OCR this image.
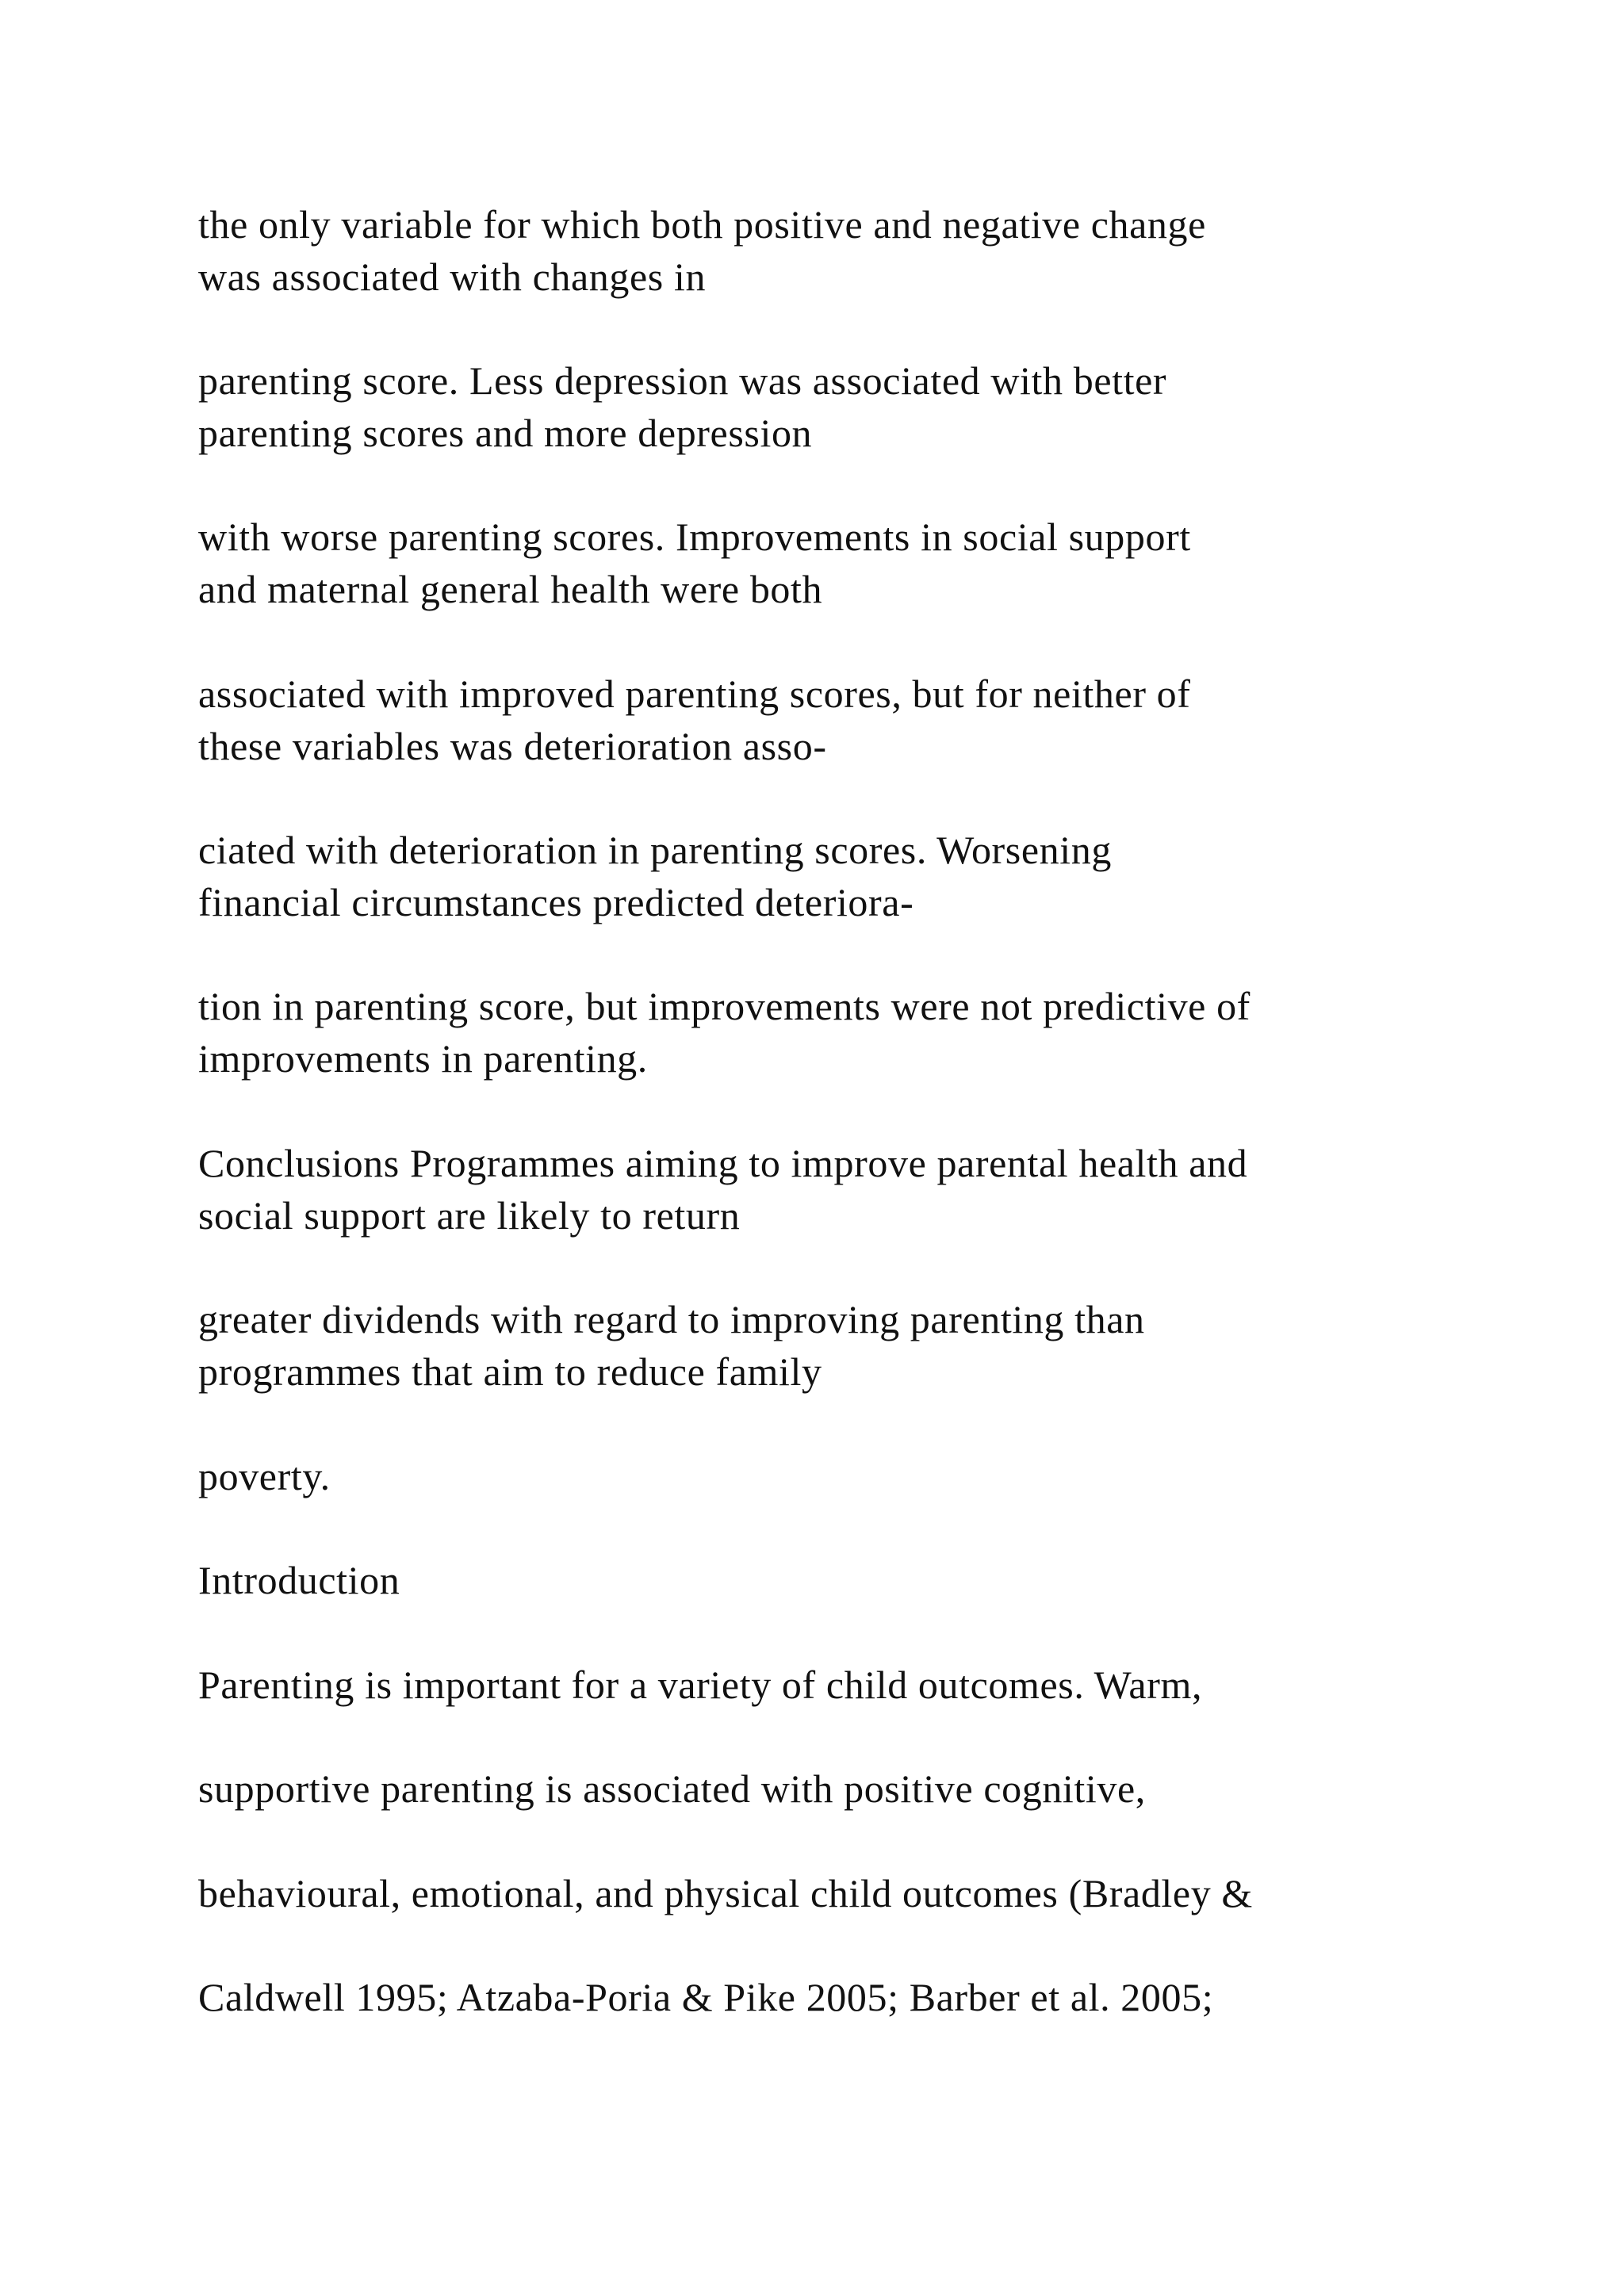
the only variable for which both positive and negative change
was associated with changes in
parenting score. Less depression was associated with better
parenting scores and more depression
with worse parenting scores. Improvements in social support
and maternal general health were both
associated with improved parenting scores, but for neither of
these variables was deterioration asso-
ciated with deterioration in parenting scores. Worsening
financial circumstances predicted deteriora-
tion in parenting score, but improvements were not predictive of
improvements in parenting.
Conclusions Programmes aiming to improve parental health and
social support are likely to return
greater dividends with regard to improving parenting than
programmes that aim to reduce family
poverty.
Introduction
Parenting is important for a variety of child outcomes. Warm,
supportive parenting is associated with positive cognitive,
behavioural, emotional, and physical child outcomes (Bradley &
Caldwell 1995; Atzaba-Poria & Pike 2005; Barber et al. 2005;
